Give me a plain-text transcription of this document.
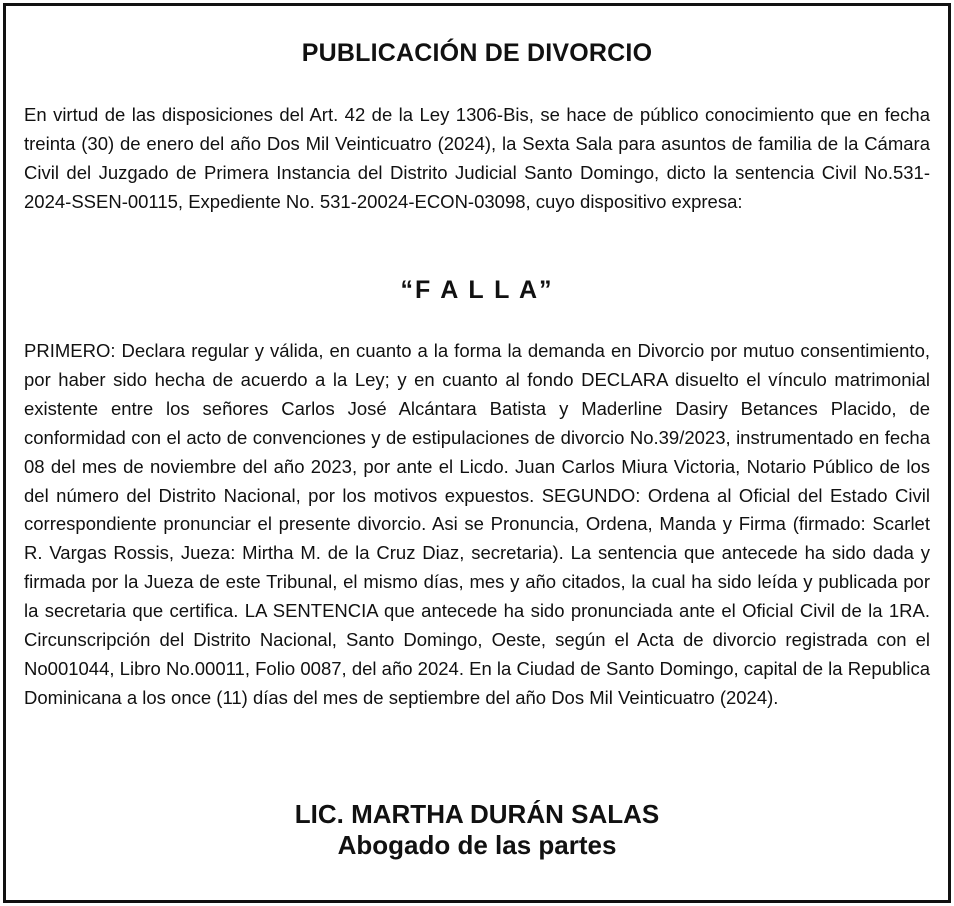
PUBLICACIÓN DE DIVORCIO

En virtud de las disposiciones del Art. 42 de la Ley 1306-Bis, se hace de público conocimiento que en fecha treinta (30) de enero del año Dos Mil Veinticuatro (2024), la Sexta Sala para asuntos de familia de la Cámara Civil del Juzgado de Primera Instancia del Distrito Judicial Santo Domingo, dicto la sentencia Civil No.531-2024-SSEN-00115, Expediente No. 531-20024-ECON-03098, cuyo dispositivo expresa:

“F A L L A”

PRIMERO: Declara regular y válida, en cuanto a la forma la demanda en Divorcio por mutuo consentimiento, por haber sido hecha de acuerdo a la Ley; y en cuanto al fondo DECLARA disuelto el vínculo matrimonial existente entre los señores Carlos José Alcántara Batista y Maderline Dasiry Betances Placido, de conformidad con el acto de convenciones y de estipulaciones de divorcio No.39/2023, instrumentado en fecha 08 del mes de noviembre del año 2023, por ante el Licdo. Juan Carlos Miura Victoria, Notario Público de los del número del Distrito Nacional, por los motivos expuestos. SEGUNDO: Ordena al Oficial del Estado Civil correspondiente pronunciar el presente divorcio. Asi se Pronuncia, Ordena, Manda y Firma (firmado: Scarlet R. Vargas Rossis, Jueza: Mirtha M. de la Cruz Diaz, secretaria). La sentencia que antecede ha sido dada y firmada por la Jueza de este Tribunal, el mismo días, mes y año citados, la cual ha sido leída y publicada por la secretaria que certifica. LA SENTENCIA que antecede ha sido pronunciada ante el Oficial Civil de la 1RA. Circunscripción del Distrito Nacional, Santo Domingo, Oeste, según el Acta de divorcio registrada con el No001044, Libro No.00011, Folio 0087, del año 2024. En la Ciudad de Santo Domingo, capital de la Republica Dominicana a los once (11) días del mes de septiembre del año Dos Mil Veinticuatro (2024).

LIC. MARTHA DURÁN SALAS
Abogado de las partes
